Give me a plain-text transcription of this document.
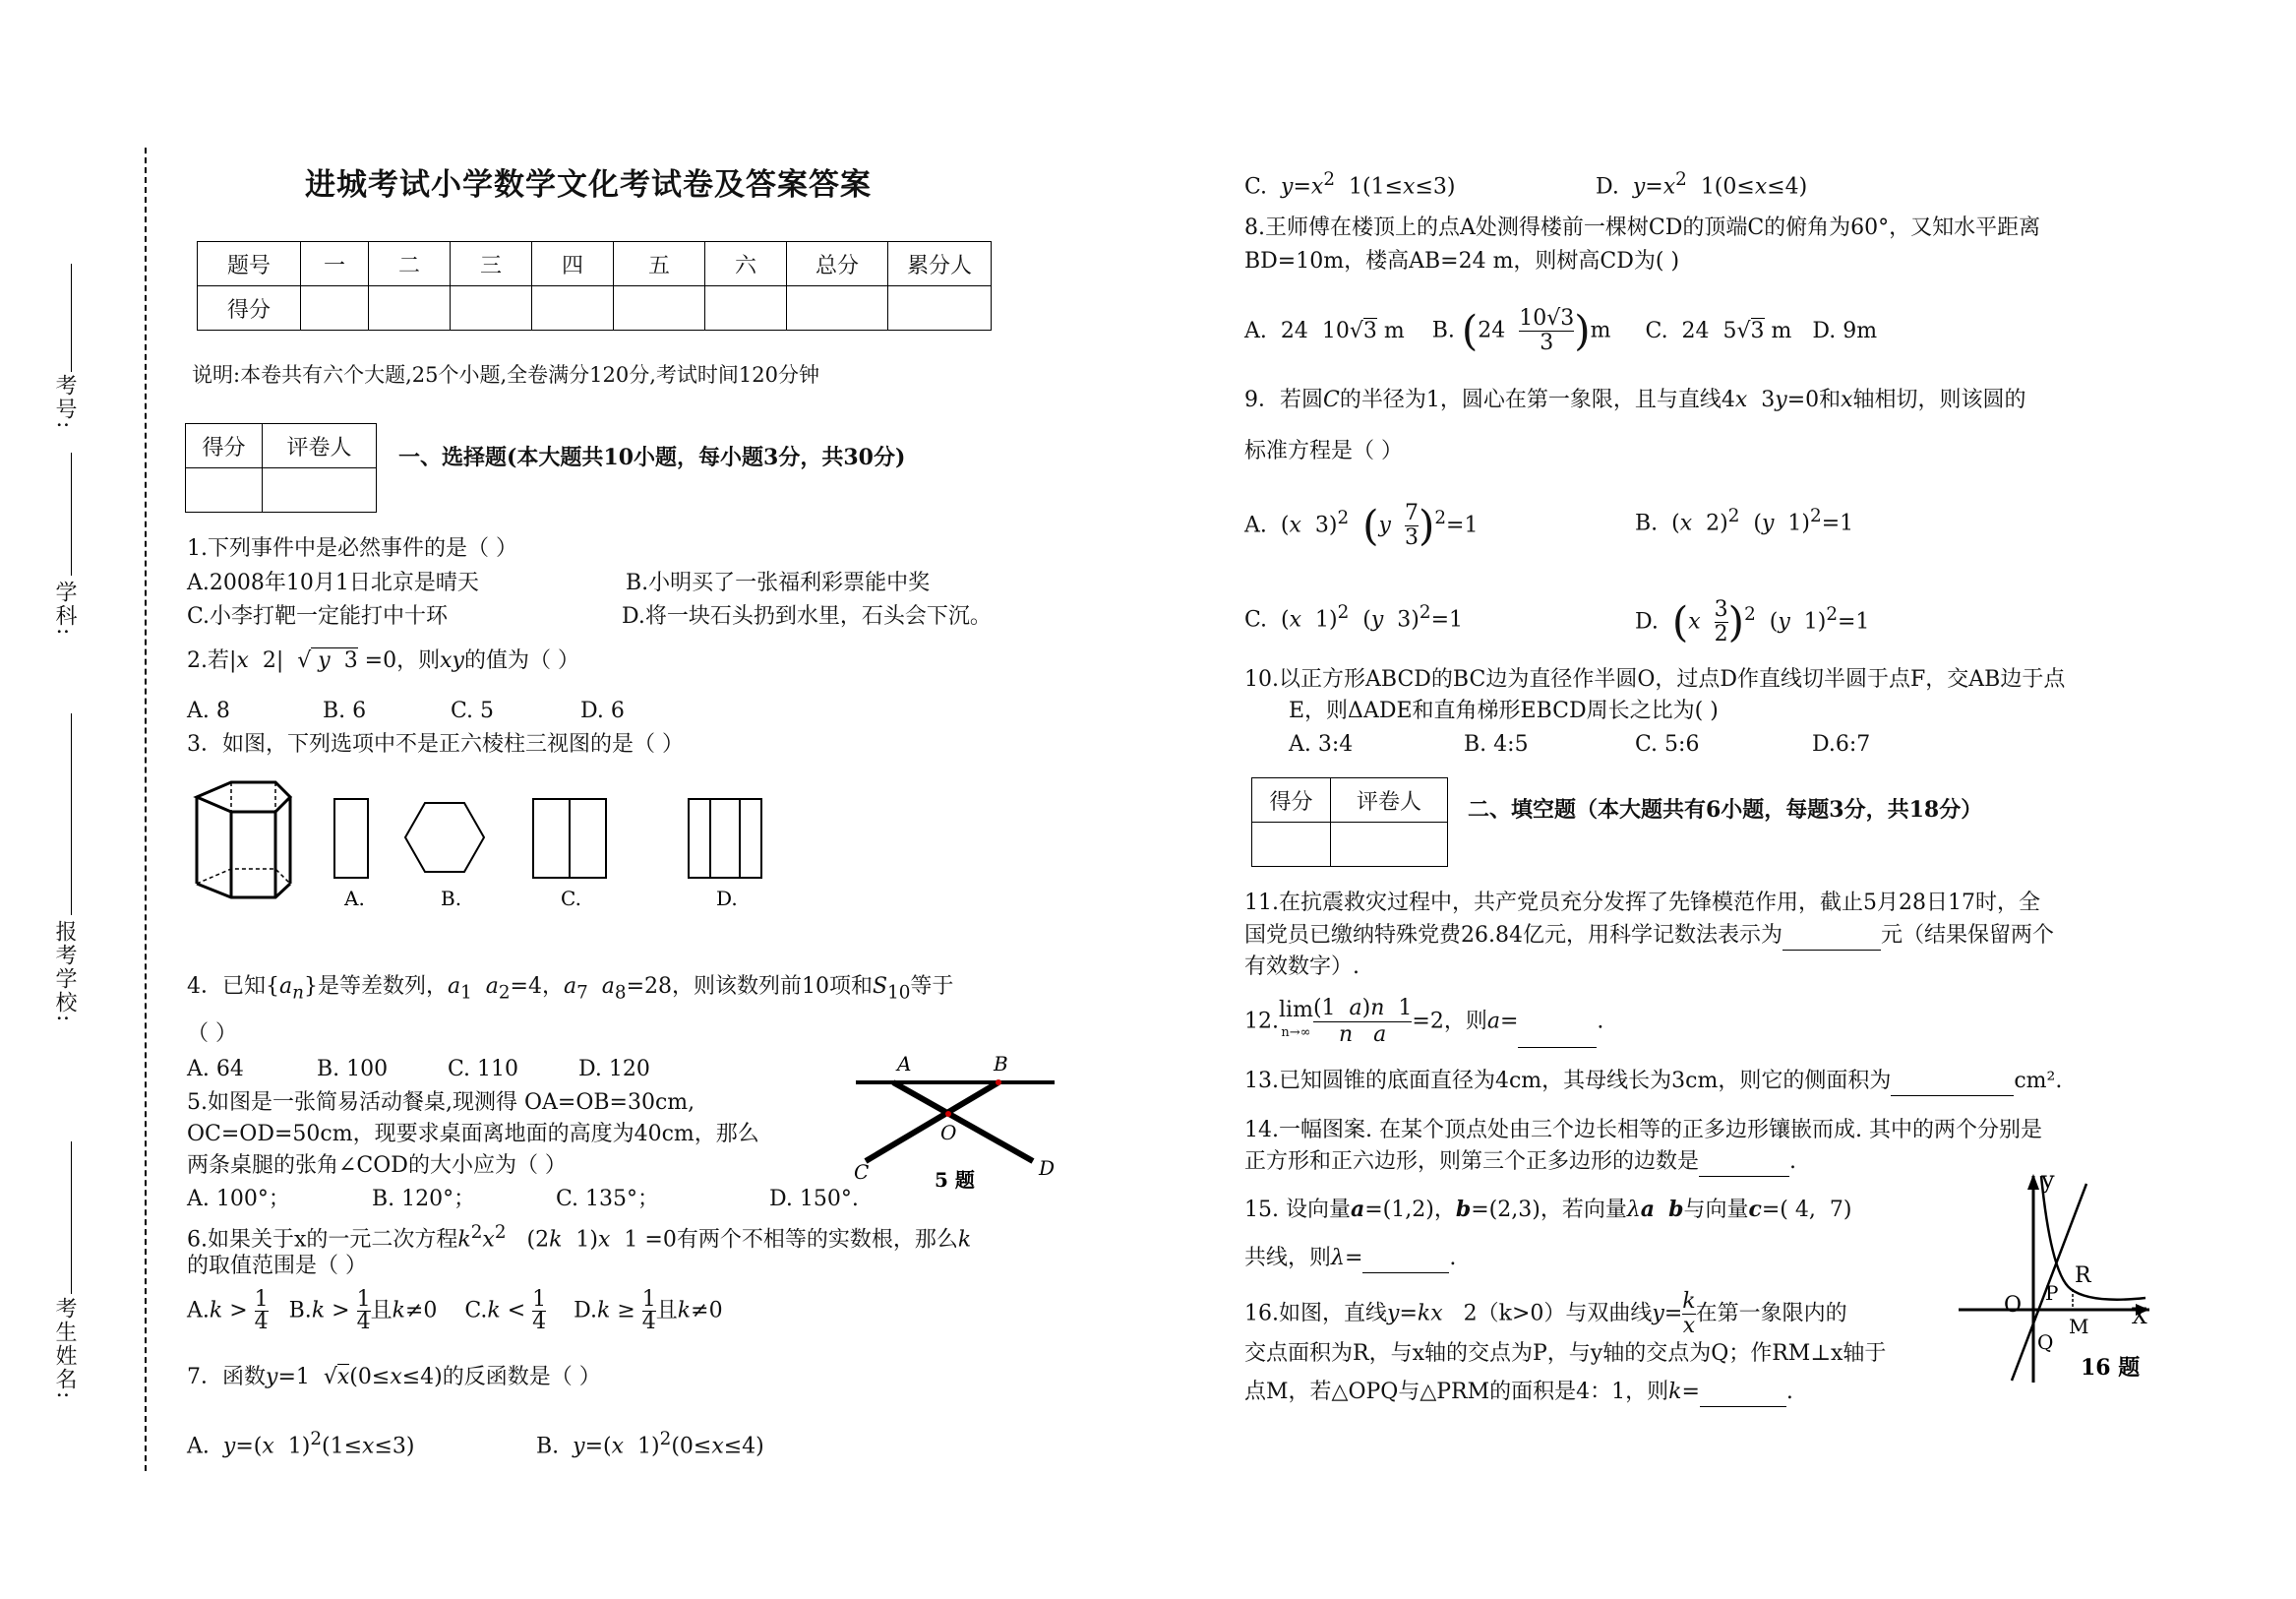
考号:
学科:
报考学校:
考生姓名:
进城考试小学数学文化考试卷及答案答案
题号	一	二	三	四	五	六	总分	累分人
得分								
说明:本卷共有六个大题,25个小题,全卷满分120分,考试时间120分钟
得分	评卷人
	一、选择题(本大题共10小题，每小题3分，共30分)
1.下列事件中是必然事件的是（ ）
A.2008年10月1日北京是晴天	B.小明买了一张福利彩票能中奖
C.小李打靶一定能打中十环	D.将一块石头扔到水里，石头会下沉。
2.若|x  2| √ y  3 =0，则xy的值为（ ）
A. 8	B. 6	C. 5	D. 6
3．如图，下列选项中不是正六棱柱三视图的是（ ）
A.	B.	C.	D.
4．已知$\{a_n\}$是等差数列，$a_1$ $a_2=4$，$a_7$ $a_8=28$，则该数列前10项和$S_{10}$等于
（ ）
A. 64	B. 100	C. 110	D. 120
5.如图是一张简易活动餐桌,现测得 OA=OB=30cm,
OC=OD=50cm，现要求桌面离地面的高度为40cm，那么
两条桌腿的张角∠COD的大小应为（ ）
A. 100°；	B. 120°；	C. 135°；	D. 150°.
A	B
O
C	D
5 题
6.如果关于x的一元二次方程$k^2x^2$   (2k  1)x  1 =0有两个不相等的实数根，那么k
的取值范围是（ ）
$A.k > \frac{1}{4} B.k > \frac{1}{4}$ 且k≠0 $C.k < \frac{1}{4} D.k \ge \frac{1}{4}$ 且k≠0
7．函数y=1  √x(0≤x≤4)的反函数是（ ）
A. y=(x  1)$^2$(1≤x≤3)	B. y=(x  1)$^2$(0≤x≤4)
C. $y=x^2$  1(1≤x≤3)	D. $y=x^2$  1(0≤x≤4)
8.王师傅在楼顶上的点A处测得楼前一棵树CD的顶端C的俯角为60°，又知水平距离
BD=10m，楼高AB=24 m，则树高CD为( )
A.  24  10√3 m B. $(24 \frac{10√3}{3} )m$ C.  24  5√3 m D. 9m
9．若圆C的半径为1，圆心在第一象限，且与直线4x  3y=0和x轴相切，则该圆的
标准方程是（ ）
A.  (x  3)$^2$ $(y \frac{7}{3} )^2=1$	B.  (x  2)$^2$  (y  1)$^2$=1
C.  (x  1)$^2$  (y  3)$^2$=1	D. $(x \frac{3}{2} )^2$  (y  1)$^2$=1
10.以正方形ABCD的BC边为直径作半圆O，过点D作直线切半圆于点F，交AB边于点
E，则ΔADE和直角梯形EBCD周长之比为( )
A. 3:4	B. 4:5	C. 5:6	D.6:7
得分	评卷人
	二、填空题（本大题共有6小题，每题3分，共18分）
11.在抗震救灾过程中，共产党员充分发挥了先锋模范作用，截止5月28日17时，全
国党员已缴纳特殊党费26.84亿元，用科学记数法表示为	元（结果保留两个
有效数字）.
12.lim
$n\to\infty \frac{(1 a)n 1}{\text{n a}} =2$，则a=	.
13.已知圆锥的底面直径为4cm，其母线长为3cm，则它的侧面积为	cm².
14.一幅图案. 在某个顶点处由三个边长相等的正多边形镶嵌而成. 其中的两个分别是
正方形和正六边形，则第三个正多边形的边数是	.
15. 设向量a=(1,2)，b=(2,3)，若向量λa b与向量c=( 4,  7)
共线，则λ=	.
16.如图，直线y=kx   2（k>0）与双曲线$y= \frac{k}{x}$ 在第一象限内的
交点面积为R，与x轴的交点为P，与y轴的交点为Q；作RM⊥x轴于
点M，若△OPQ与△PRM的面积是4：1，则k=	.
y
O P
R
M
Q
X
16 题
